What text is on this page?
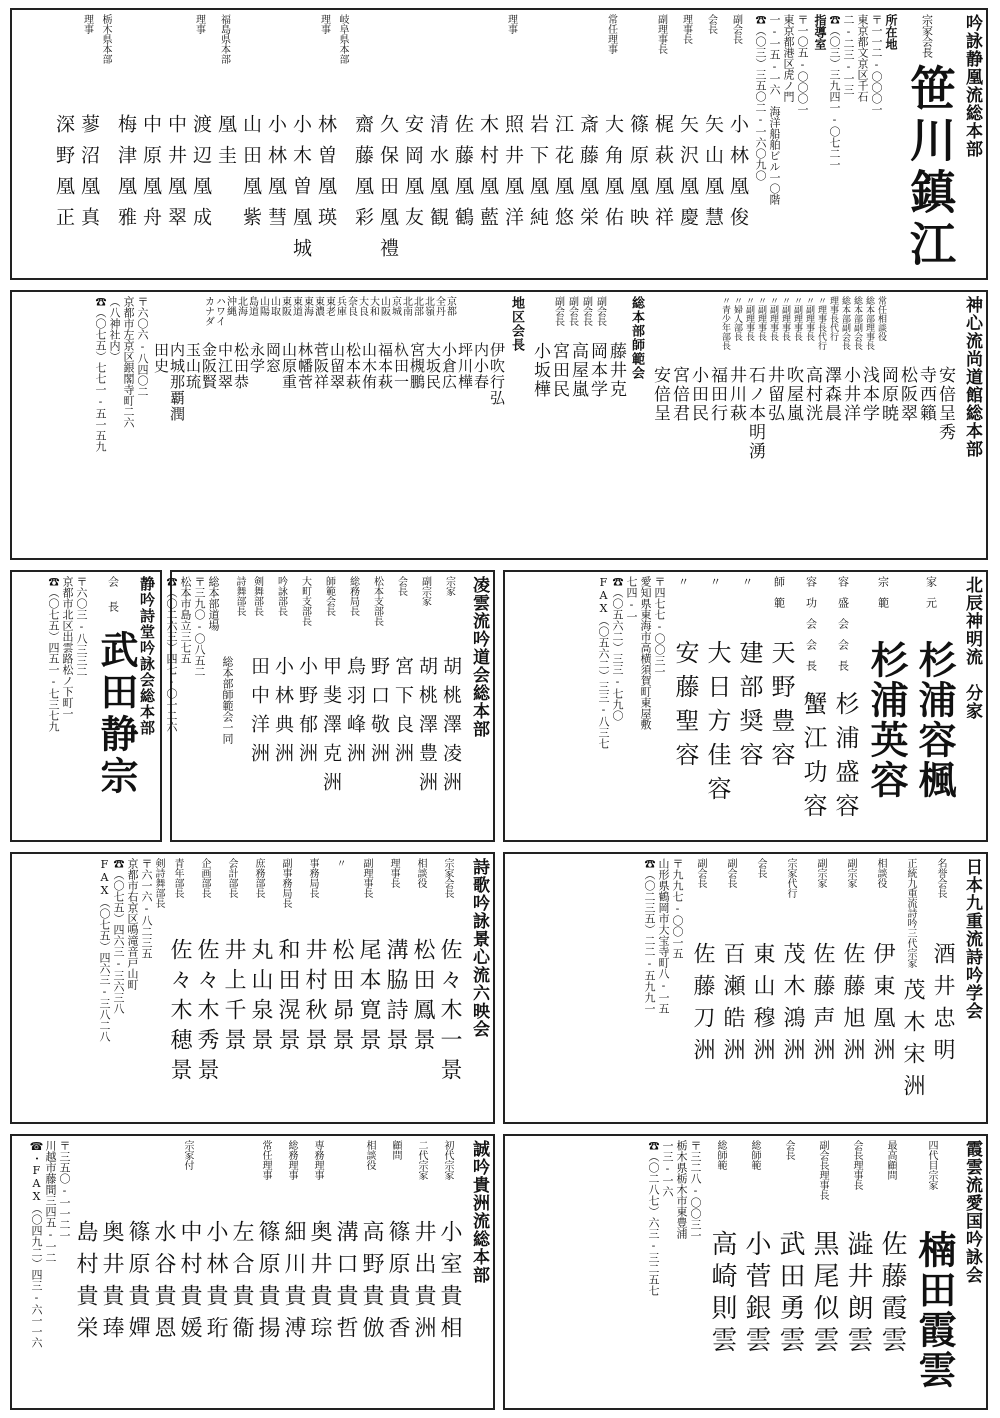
吟詠静凰流総本部
宗家会長
笹川鎮江
所在地
〒一一二‐〇〇〇一
東京都文京区千石
二‐二三‐一三
☎（〇三）三九四一‐〇七二一
指導室
〒一〇五‐〇〇〇一
東京都港区虎ノ門
一‐一五‐一六　海洋船舶ビル一〇階
☎（〇三）三五〇二‐一六〇九〇
副会長
小林凰俊
会長
矢山凰慧
理事長
矢沢凰慶
副理事長
梶萩凰祥
篠原凰映
常任理事
大角凰佑
斎藤凰栄
江花凰悠
岩下凰純
理事
照井凰洋
木村凰藍
佐藤凰鶴
清水凰観
安岡凰友
久保田凰禮
齋藤凰彩
岐阜県本部
理事
林曽凰瑛
小木曽凰城
小林凰彗
山田凰紫
福島県本部
凰圭
理事
渡辺凰成
中井凰翠
中原凰舟
梅津凰雅
栃木県本部
理事
蓼沼凰真
深野凰正
神心流尚道館総本部
常任相談役
総本部理事長
総本部副会長
総本部副会長
理事長代行
〃理事長代行
〃副理事長
〃副理事長
〃副理事長
〃副理事長
〃副理事長
〃副理事長
〃婦人部長
〃青少年部長
安倍呈秀
寺西籟
松阪翠
岡原暁
浅本学
小井洋
澤森晨
高村洸
吹屋嵐
井留弘
石ノ本明湧
井川萩
福田行
小田民
宮倍君
安倍呈
総本部師範会
副会長
副会長
副会長
副会長
藤井克
岡本学
高屋嵐
宮田民
小坂樺
地区会長
京都
全丹
北嶺
北部
北南
京城
山阪
大和
大良
奈良
兵庫
東老
東濃
東海
東道
東阪
山取
山陽
島道
北海
沖縄
ハワイ
カナダ
伊吹行弘
内小春
坪川樺
小倉広
大坂民
宮槻鵬
杁田一
福本萩
山木侑
松本萩
山留翠
菅阪祥
林幡菅
山原重
岡窓
永学
松田恭
中江翠
金阪賢
玉山琉
内城那覇潤
田史
〒六〇六‐八四〇二
京都市左京区銀閣寺町二六
（八神社内）
☎（〇七五）七七一‐五一五九
北辰神明流　分家
家元
杉浦容楓
宗範
杉浦英容
容盛会会長
杉浦盛容
容功会会長
蟹江功容
師範
天野豊容
〃
建部奨容
〃
大日方佳容
〃
安藤聖容
〒四七七‐〇〇三一
愛知県東海市高横須賀町東屋敷
七四‐一
☎（〇五六二）三三‐七九〇
FAX（〇五六二）三三‐八三七
凌雲流吟道会総本部
宗家
胡桃澤凌洲
副宗家
胡桃澤豊洲
会長
宮下良洲
松本支部長
野口敬洲
総務局長
鳥羽峰洲
師範会長
甲斐澤克洲
大町支部長
小野郁洲
吟詠部長
小林典洲
剣舞部長
田中洋洲
詩舞部長
総本部師範会一同
総本部道場
〒三九〇‐〇八五二
松本市島立三七五
☎（〇二六三）四七‐〇一二六
静吟詩堂吟詠会総本部
会長
武田静宗
〒六〇三‐八三三二
京都市北区出雲路松ノ下町一
☎（〇七五）四五一‐七三七九
日本九重流詩吟学会
名誉会長
酒井忠明
正統九重流詩吟三代宗家
茂木宋洲
相談役
伊東凰洲
副宗家
佐藤旭洲
副宗家
佐藤声洲
宗家代行
茂木鴻洲
会長
東山穆洲
副会長
百瀬皓洲
副会長
佐藤刀洲
〒九九七‐〇〇一五
山形県鶴岡市大宝寺町八‐一五
☎（〇二三五）二二‐五九九一
詩歌吟詠景心流六映会
宗家会長
佐々木一景
相談役
松田鳳景
理事長
溝脇詩景
副理事長
尾本寛景
〃
松田昴景
事務局長
井村秋景
副事務局長
和田滉景
庶務部長
丸山泉景
会計部長
井上千景
企画部長
佐々木秀景
青年部長
佐々木穂景
剣詩舞部長
〒六一六‐八二三五
京都市右京区鳴滝音戸山町
☎（〇七五）四六三‐三六三八
FAX（〇七五）四六三‐三八二八
霞雲流愛国吟詠会
四代目宗家
楠田霞雲
最高顧問
佐藤霞雲
会長理事長
澁井朗雲
副会長理事長
黒尾似雲
会長
武田勇雲
総師範
小菅銀雲
総師範
高崎則雲
〒三二八‐〇〇三一
栃木県栃木市東豊浦
一三‐一六
☎（〇二八七）六三‐三二五七
誠吟貴洲流総本部
初代宗家
小室貴相
二代宗家
井出貴洲
顧問
篠原貴香
相談役
高野貴倣
溝口貴哲
専務理事
奥井貴琮
総務理事
細川貴溥
常任理事
篠原貴揚
左合貴衞
小林貴珩
宗家付
中村貴媛
水谷貴恩
篠原貴嬋
奥井貴琫
島村貴栄
〒三五〇‐一一二一
川越市藤間三四五‐一二
☎・FAX（〇四九二）四三‐六一一六
